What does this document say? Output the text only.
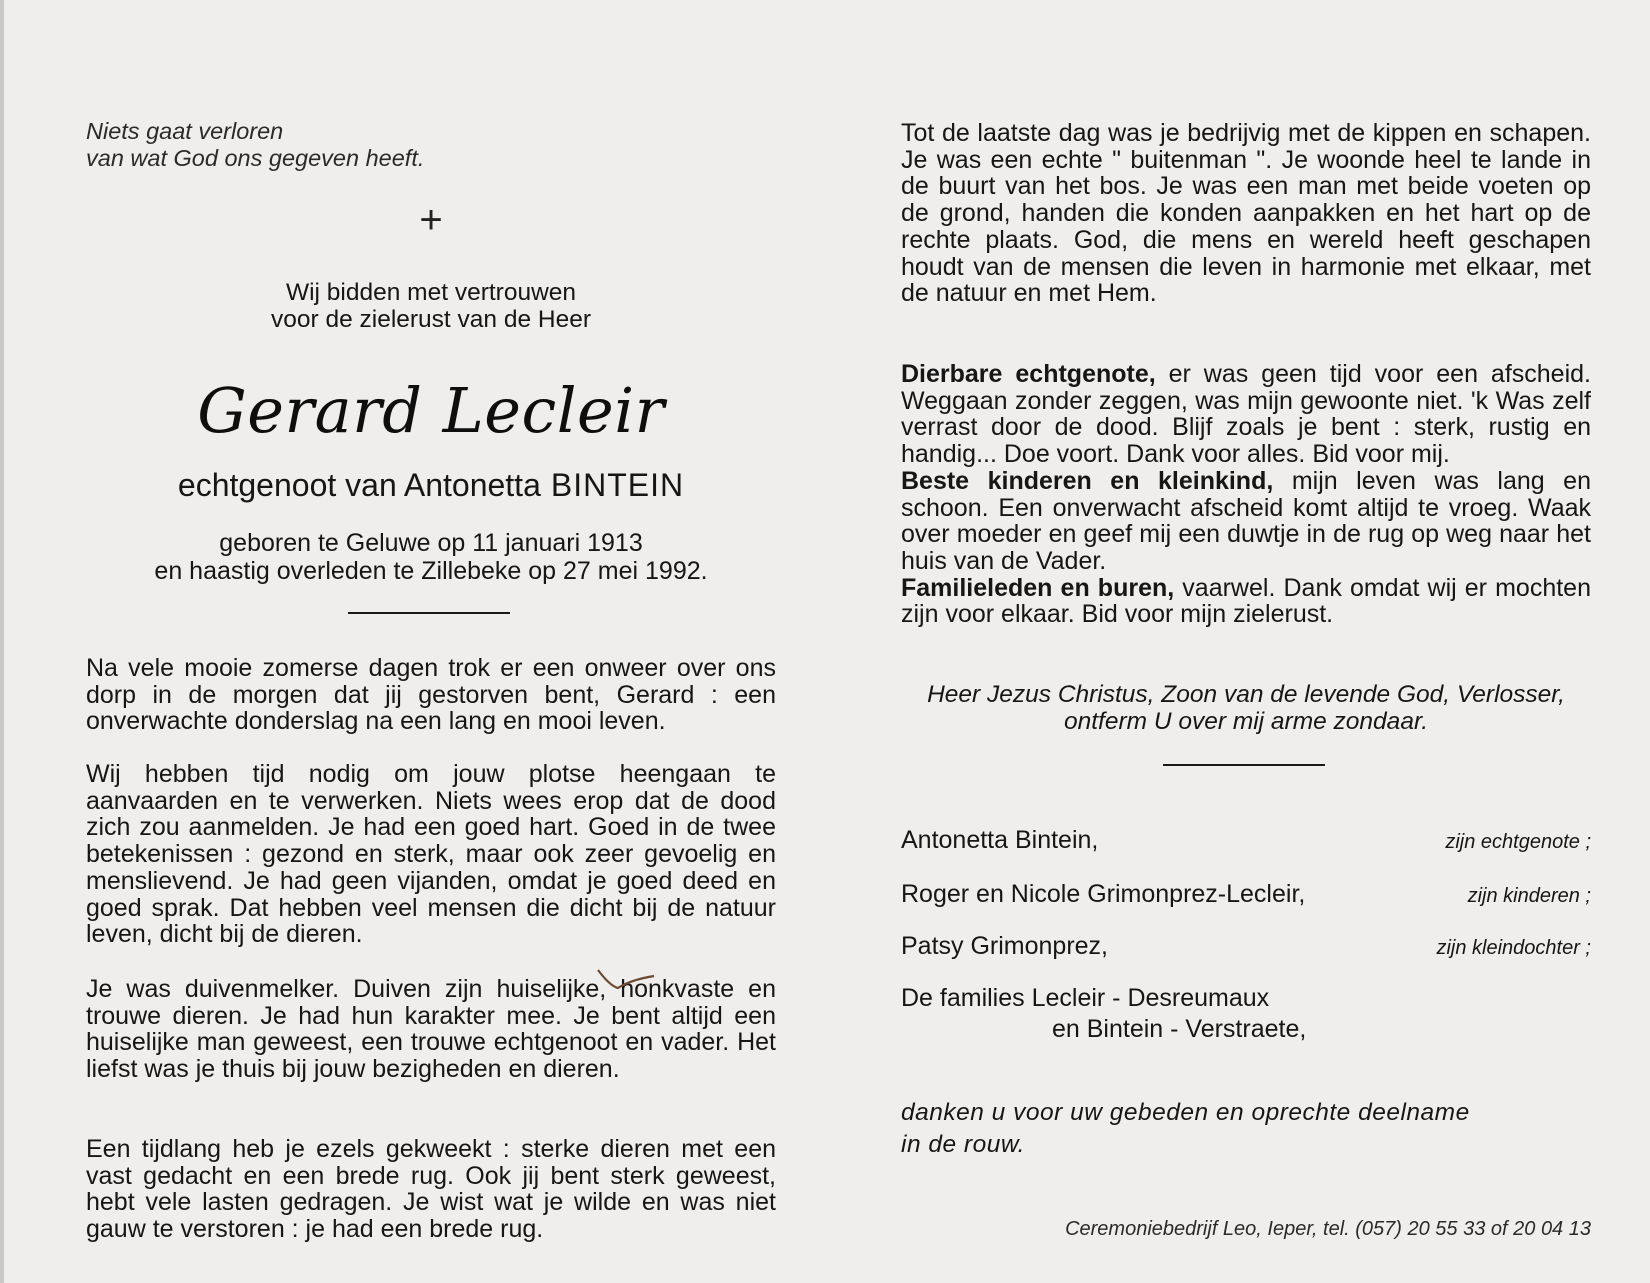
Niets gaat verloren

van wat God ons gegeven heeft.

+

Wij bidden met vertrouwen

voor de zielerust van de Heer

Gerard Lecleir
echtgenoot van Antonetta BINTEIN

geboren te Geluwe op 11 januari 1913

en haastig overleden te Zillebeke op 27 mei 1992.

Na vele mooie zomerse dagen trok er een onweer over ons dorp in de morgen dat jij gestorven bent, Gerard : een onverwachte donderslag na een lang en mooi leven.

Wij hebben tijd nodig om jouw plotse heengaan te aanvaarden en te verwerken. Niets wees erop dat de dood zich zou aanmelden. Je had een goed hart. Goed in de twee betekenissen : gezond en sterk, maar ook zeer gevoelig en menslievend. Je had geen vijanden, omdat je goed deed en goed sprak. Dat hebben veel mensen die dicht bij de natuur leven, dicht bij de dieren.

Je was duivenmelker. Duiven zijn huiselijke, honkvaste en trouwe dieren. Je had hun karakter mee. Je bent altijd een huiselijke man geweest, een trouwe echtgenoot en vader. Het liefst was je thuis bij jouw bezigheden en dieren.

Een tijdlang heb je ezels gekweekt : sterke dieren met een vast gedacht en een brede rug. Ook jij bent sterk geweest, hebt vele lasten gedragen. Je wist wat je wilde en was niet gauw te verstoren : je had een brede rug.

Tot de laatste dag was je bedrijvig met de kippen en schapen. Je was een echte " buitenman ". Je woonde heel te lande in de buurt van het bos. Je was een man met beide voeten op de grond, handen die konden aanpakken en het hart op de rechte plaats. God, die mens en wereld heeft geschapen houdt van de mensen die leven in harmonie met elkaar, met de natuur en met Hem.

Dierbare echtgenote, er was geen tijd voor een afscheid. Weggaan zonder zeggen, was mijn gewoonte niet. 'k Was zelf verrast door de dood. Blijf zoals je bent : sterk, rustig en handig... Doe voort. Dank voor alles. Bid voor mij.

Beste kinderen en kleinkind, mijn leven was lang en schoon. Een onverwacht afscheid komt altijd te vroeg. Waak over moeder en geef mij een duwtje in de rug op weg naar het huis van de Vader.

Familieleden en buren, vaarwel. Dank omdat wij er mochten zijn voor elkaar. Bid voor mijn zielerust.

Heer Jezus Christus, Zoon van de levende God, Verlosser,

ontferm U over mij arme zondaar.

Antonetta Bintein,	zijn echtgenote ;
Roger en Nicole Grimonprez-Lecleir,	zijn kinderen ;
Patsy Grimonprez,	zijn kleindochter ;

De families Lecleir - Desreumaux

en Bintein - Verstraete,

danken u voor uw gebeden en oprechte deelname

in de rouw.

Ceremoniebedrijf Leo, Ieper, tel. (057) 20 55 33 of 20 04 13
